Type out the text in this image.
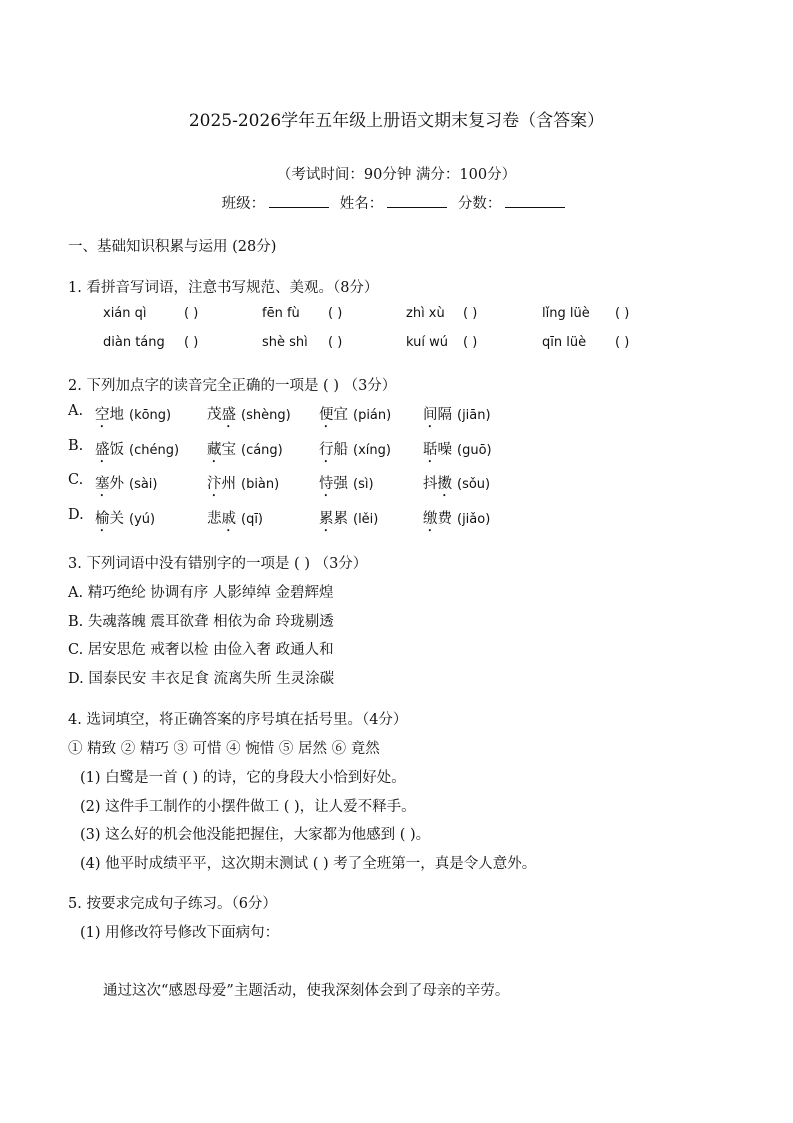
2025-2026学年五年级上册语文期末复习卷（含答案）
（考试时间：90分钟 满分：100分）
班级：	姓名：	分数：
一、基础知识积累与运用 (28分)
1. 看拼音写词语，注意书写规范、美观。（8分）
xián qì	( )	fēn fù ( )	zhì xù ( )	lǐng lüè ( )
diàn táng ( )	shè shì ( )	kuí wú ( )	qīn lüè ( )
2. 下列加点字的读音完全正确的一项是 ( ) （3分）
A. 空地 (kōng) 茂盛 (shèng) 便宜 (pián) 间隔 (jiān)
B. 盛饭 (chéng) 藏宝 (cáng)	行船 (xíng) 聒噪 (guō)
C. 塞外 (sài)	汴州 (biàn)	恃强 (sì)	抖擞 (sǒu)
D. 榆关 (yú)	悲戚 (qī)	累累 (lěi)	缴费 (jiǎo)
3. 下列词语中没有错别字的一项是 ( ) （3分）
A. 精巧绝纶 协调有序 人影绰绰 金碧辉煌
B. 失魂落魄 震耳欲聋 相依为命 玲珑剔透
C. 居安思危 戒奢以检 由俭入奢 政通人和
D. 国泰民安 丰衣足食 流离失所 生灵涂碳
4. 选词填空，将正确答案的序号填在括号里。（4分）
① 精致 ② 精巧 ③ 可惜 ④ 惋惜 ⑤ 居然 ⑥ 竟然
(1) 白鹭是一首 ( ) 的诗，它的身段大小恰到好处。
(2) 这件手工制作的小摆件做工 ( )，让人爱不释手。
(3) 这么好的机会他没能把握住，大家都为他感到 ( )。
(4) 他平时成绩平平，这次期末测试 ( ) 考了全班第一，真是令人意外。
5. 按要求完成句子练习。（6分）
(1) 用修改符号修改下面病句：
通过这次“感恩母爱”主题活动，使我深刻体会到了母亲的辛劳。
